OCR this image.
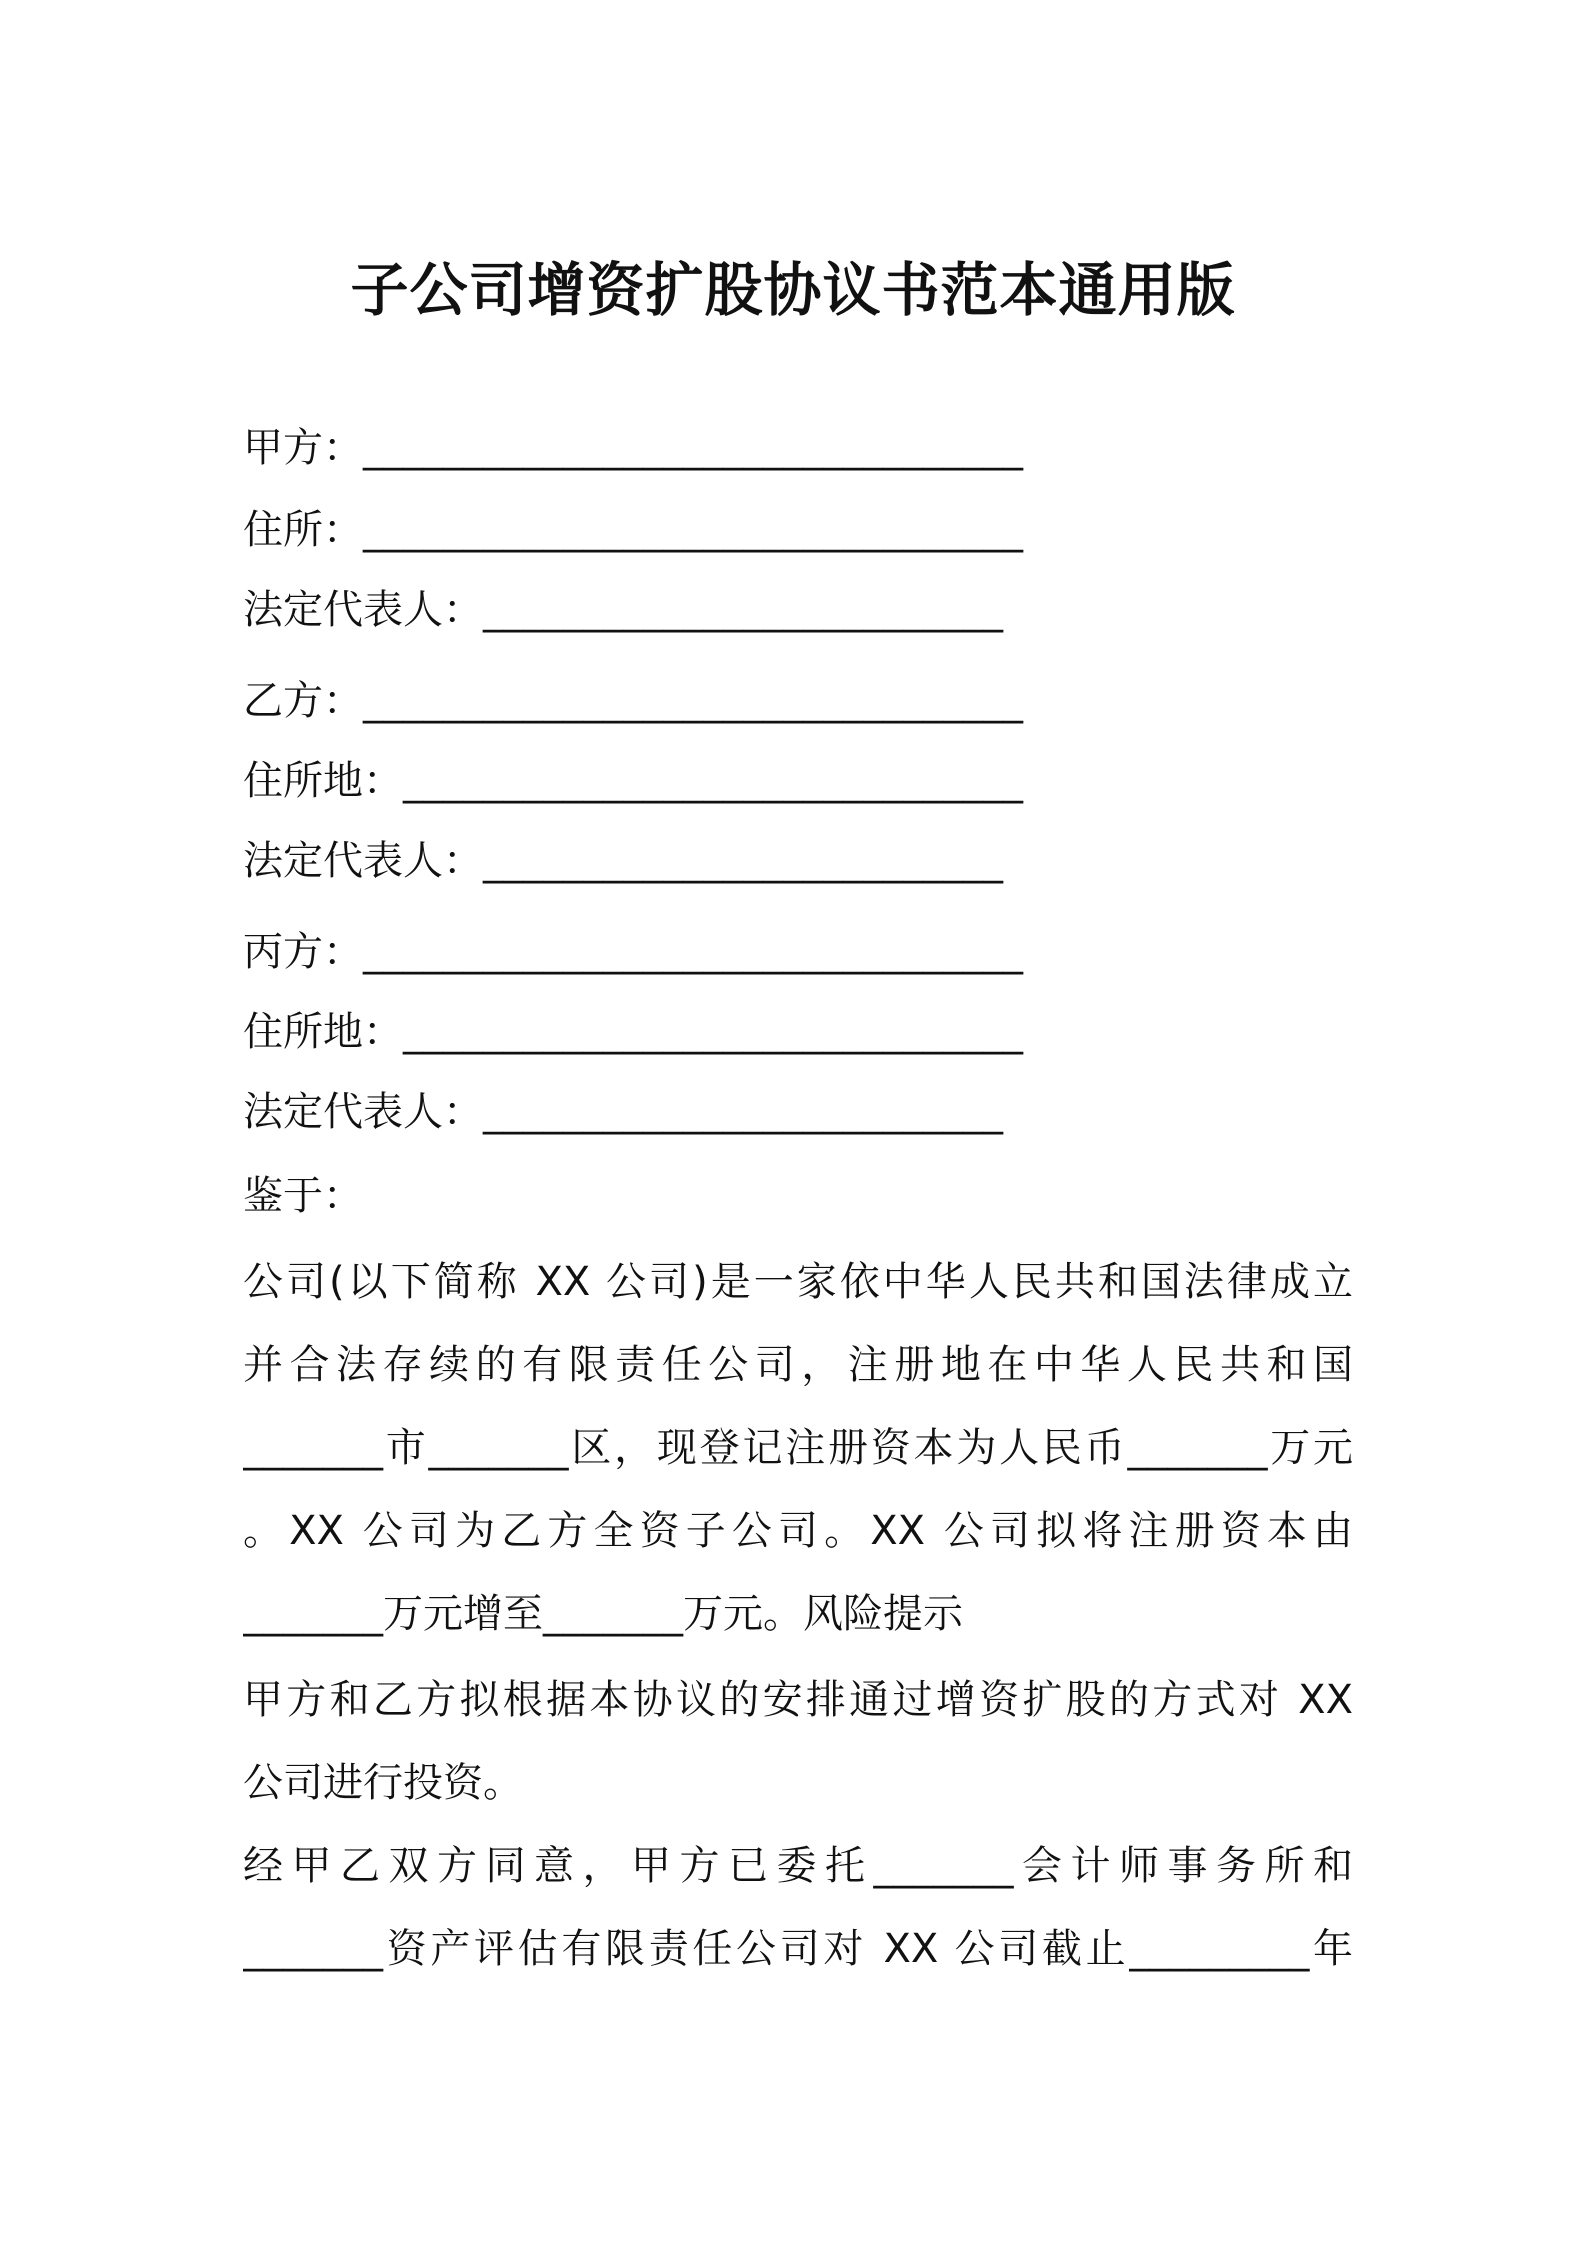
子公司增资扩股协议书范本通用版
甲方： _________________________________
住所： _________________________________
法定代表人： __________________________
乙方： _________________________________
住所地： _______________________________
法定代表人： __________________________
丙方： _________________________________
住所地： _______________________________
法定代表人： __________________________
鉴于：
公司(以下简称 XX 公司)是一家依中华人民共和国法律成立
并合法存续的有限责任公司，注册地在中华人民共和国
_______市_______区，现登记注册资本为人民币_______万元
。XX 公司为乙方全资子公司。XX 公司拟将注册资本由
_______万元增至_______万元。风险提示
甲方和乙方拟根据本协议的安排通过增资扩股的方式对 XX
公司进行投资。
经甲乙双方同意，甲方已委托_______会计师事务所和
_______资产评估有限责任公司对 XX 公司截止_________年
